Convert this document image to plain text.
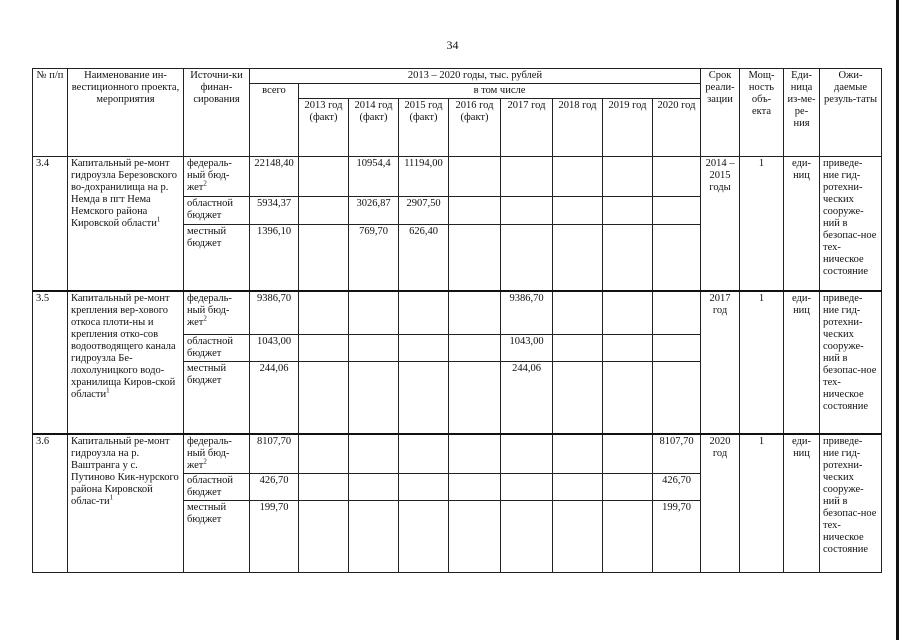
34
№ п/п	Наименование ин-вестиционного проекта, мероприятия	Источни-ки финан-сирования	2013 – 2020 годы, тыс. рублей									Срок реали-зации	Мощ-ность объ-екта	Еди-ница из-ме-ре-ния	Ожи-даемые резуль-таты
			всего	в том числе											
				2013 год (факт)	2014 год (факт)	2015 год (факт)	2016 год (факт)	2017 год	2018 год	2019 год	2020 год				
3.4	Капитальный ре-монт гидроузла Березовского во-дохранилища на р. Немда в пгт Нема Немского района Кировской области$^1$	федераль-ный бюд-жет$^2$	22148,40		10954,4	11194,00						2014 – 2015 годы	1	еди-ниц	приведе-ние гид-ротехни-ческих сооруже-ний в безопас-ное тех-ническое состояние
		областной бюджет	5934,37		3026,87	2907,50									
		местный бюджет	1396,10		769,70	626,40									
3.5	Капитальный ре-монт крепления вер-хового откоса плоти-ны и крепления отко-сов водоотводящего канала гидроузла Бе-лохолуницкого водо-хранилища Киров-ской области$^1$	федераль-ный бюд-жет$^2$	9386,70					9386,70				2017 год	1	еди-ниц	приведе-ние гид-ротехни-ческих сооруже-ний в безопас-ное тех-ническое состояние
		областной бюджет	1043,00					1043,00							
		местный бюджет	244,06					244,06							
3.6	Капитальный ре-монт гидроузла на р. Ваштранга у с. Путиново Кик-нурского района Кировской облас-$ти^1$	федераль-ный бюд-жет$^2$	8107,70								8107,70	2020 год	1	еди-ниц	приведе-ние гид-ротехни-ческих сооруже-ний в безопас-ное тех-ническое состояние
		областной бюджет	426,70								426,70				
		местный бюджет	199,70								199,70				
